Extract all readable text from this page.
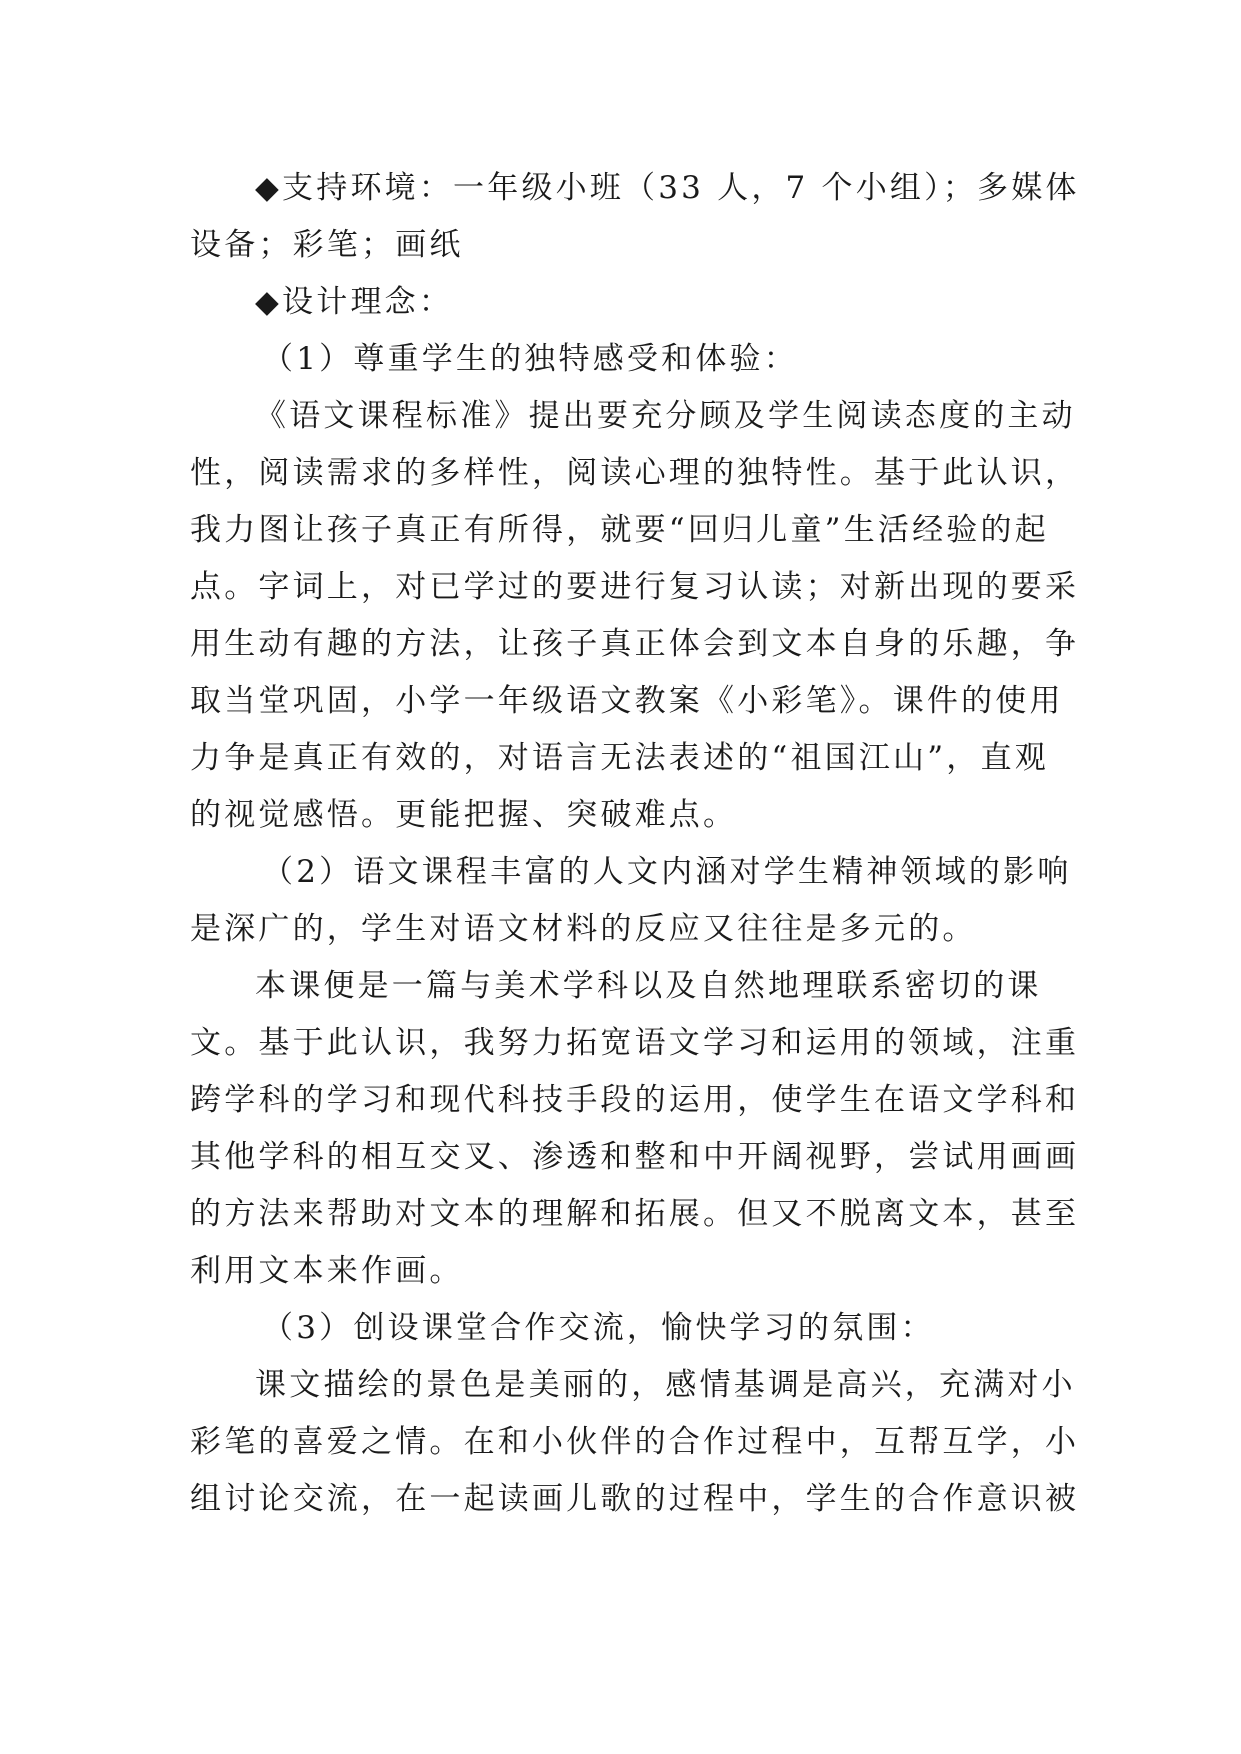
◆支持环境：一年级小班（33 人，7 个小组）；多媒体
设备；彩笔；画纸
◆设计理念：
（1）尊重学生的独特感受和体验：
《语文课程标准》提出要充分顾及学生阅读态度的主动
性，阅读需求的多样性，阅读心理的独特性。基于此认识，
我力图让孩子真正有所得，就要“回归儿童”生活经验的起
点。字词上，对已学过的要进行复习认读；对新出现的要采
用生动有趣的方法，让孩子真正体会到文本自身的乐趣，争
取当堂巩固，小学一年级语文教案《小彩笔》。课件的使用
力争是真正有效的，对语言无法表述的“祖国江山”，直观
的视觉感悟。更能把握、突破难点。
（2）语文课程丰富的人文内涵对学生精神领域的影响
是深广的，学生对语文材料的反应又往往是多元的。
本课便是一篇与美术学科以及自然地理联系密切的课
文。基于此认识，我努力拓宽语文学习和运用的领域，注重
跨学科的学习和现代科技手段的运用，使学生在语文学科和
其他学科的相互交叉、渗透和整和中开阔视野，尝试用画画
的方法来帮助对文本的理解和拓展。但又不脱离文本，甚至
利用文本来作画。
（3）创设课堂合作交流，愉快学习的氛围：
课文描绘的景色是美丽的，感情基调是高兴，充满对小
彩笔的喜爱之情。在和小伙伴的合作过程中，互帮互学，小
组讨论交流，在一起读画儿歌的过程中，学生的合作意识被
